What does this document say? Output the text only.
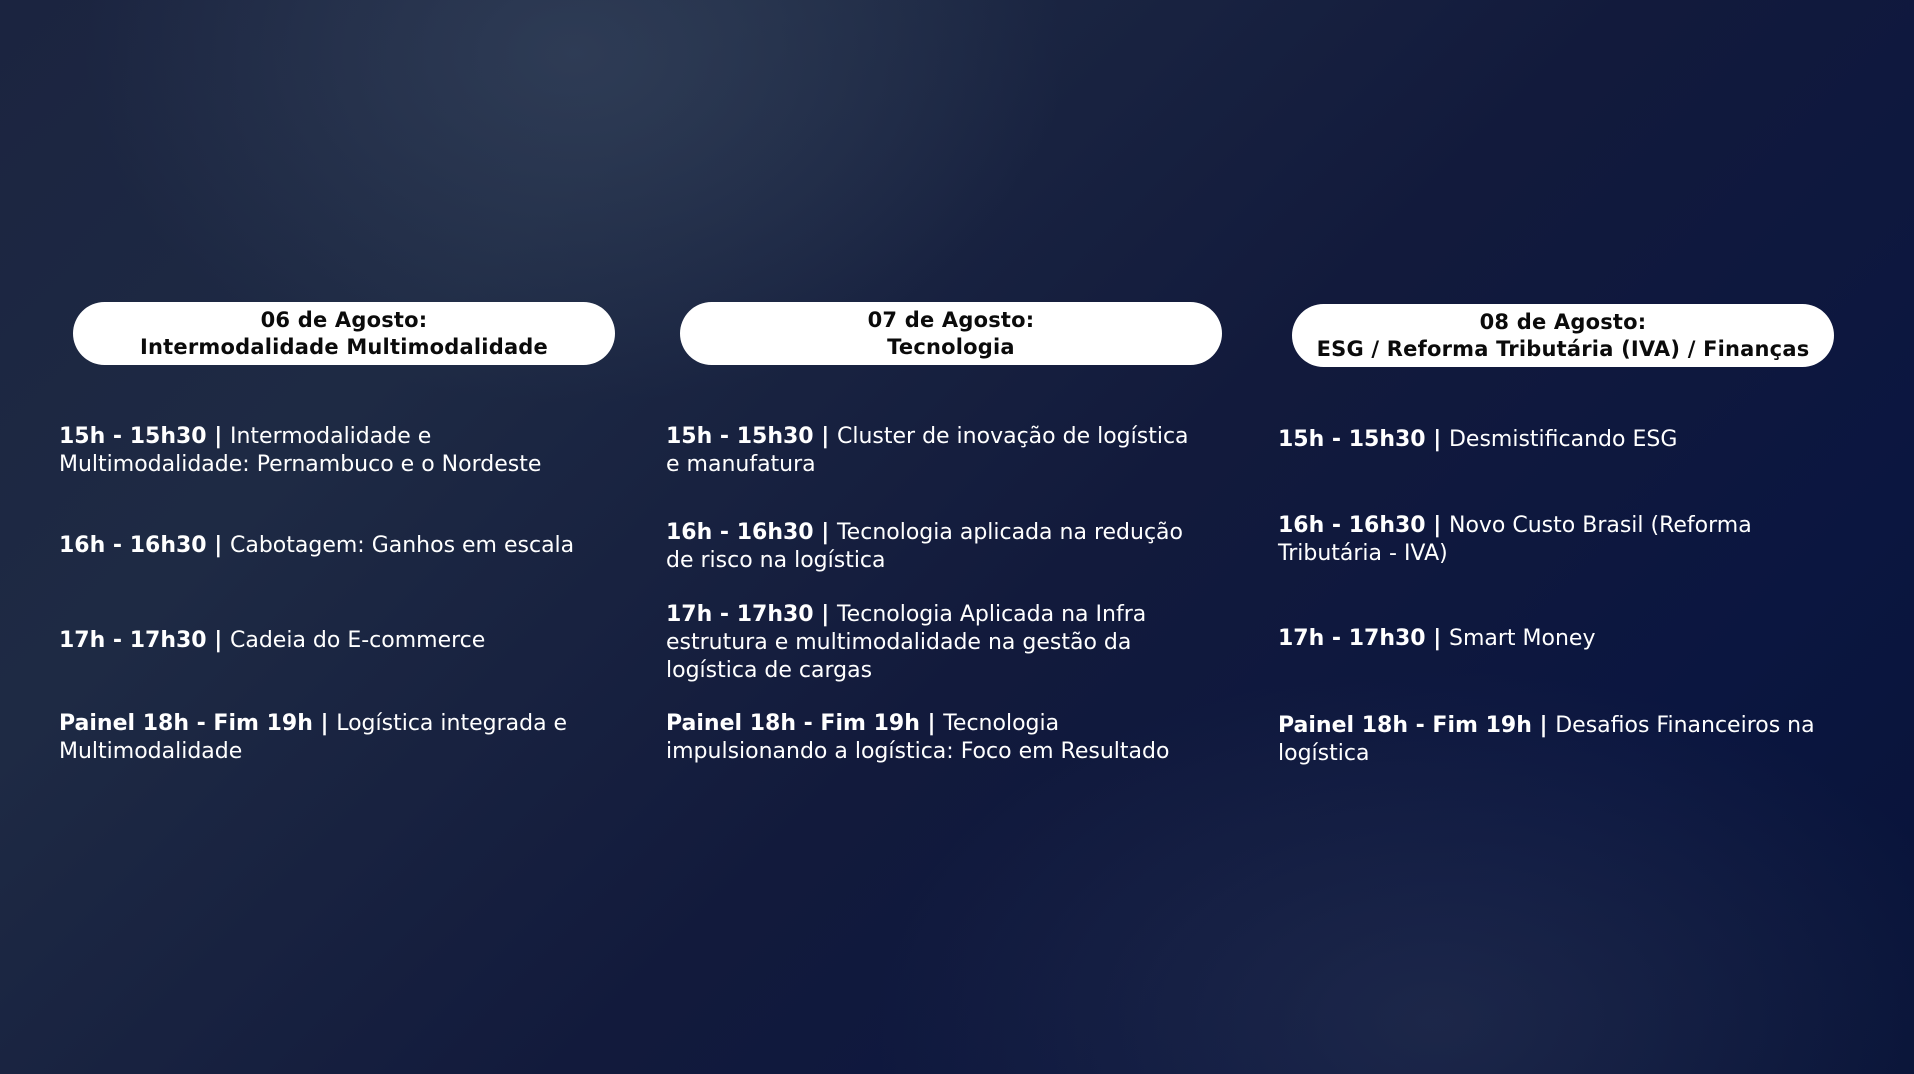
06 de Agosto:
Intermodalidade Multimodalidade
15h - 15h30 | Intermodalidade e Multimodalidade: Pernambuco e o Nordeste
16h - 16h30 | Cabotagem: Ganhos em escala
17h - 17h30 | Cadeia do E-commerce
Painel 18h - Fim 19h | Logística integrada e Multimodalidade
07 de Agosto:
Tecnologia
15h - 15h30 | Cluster de inovação de logística e manufatura
16h - 16h30 | Tecnologia aplicada na redução de risco na logística
17h - 17h30 | Tecnologia Aplicada na Infra estrutura e multimodalidade na gestão da logística de cargas
Painel 18h - Fim 19h | Tecnologia impulsionando a logística: Foco em Resultado
08 de Agosto:
ESG / Reforma Tributária (IVA) / Finanças
15h - 15h30 | Desmistificando ESG
16h - 16h30 | Novo Custo Brasil (Reforma Tributária - IVA)
17h - 17h30 | Smart Money
Painel 18h - Fim 19h | Desafios Financeiros na logística
